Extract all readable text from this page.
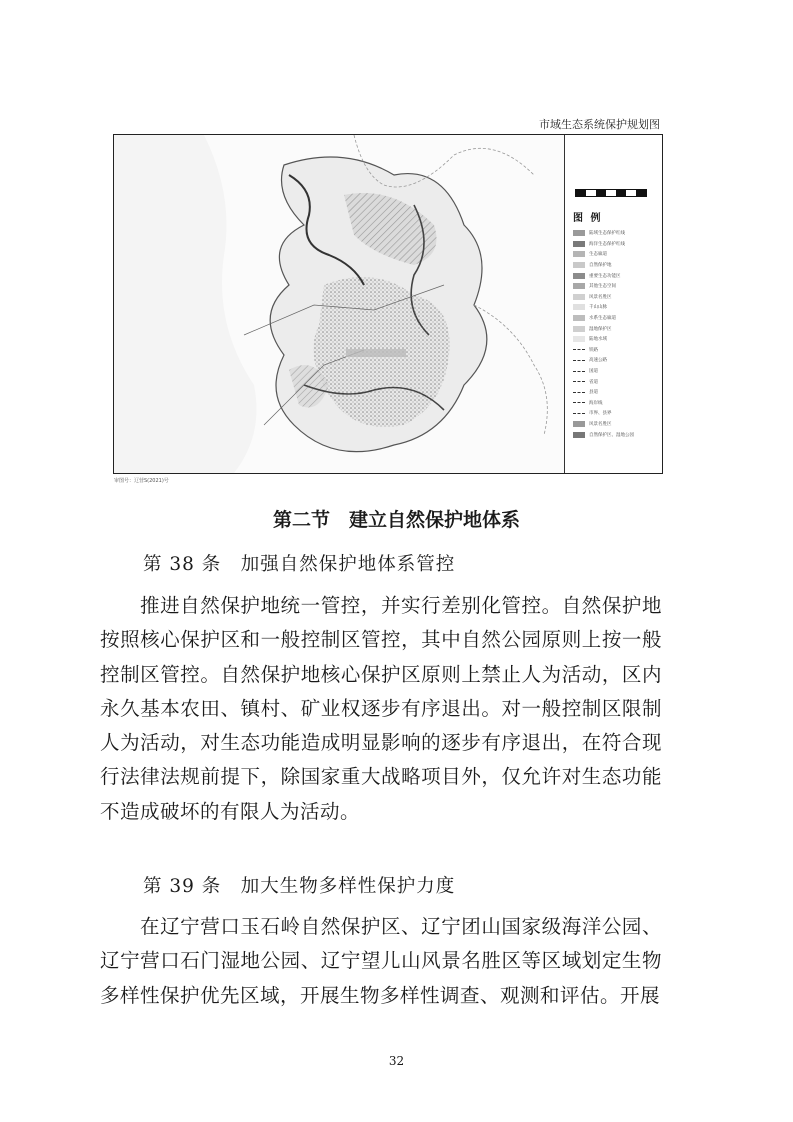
市域生态系统保护规划图
图 例
陆域生态保护红线
海洋生态保护红线
生态廊道
自然保护地
重要生态功能区
其他生态空间
风景名胜区
千山山脉
水系生态廊道
湿地保护区
陆地水域
铁路
高速公路
国道
省道
县道
海岸线
市界、县界
风景名胜区
自然保护区、湿地公园
审图号：辽营S(2021)号
第二节　建立自然保护地体系
第 38 条　加强自然保护地体系管控

推进自然保护地统一管控，并实行差别化管控。自然保护地按照核心保护区和一般控制区管控，其中自然公园原则上按一般控制区管控。自然保护地核心保护区原则上禁止人为活动，区内永久基本农田、镇村、矿业权逐步有序退出。对一般控制区限制人为活动，对生态功能造成明显影响的逐步有序退出，在符合现行法律法规前提下，除国家重大战略项目外，仅允许对生态功能不造成破坏的有限人为活动。

第 39 条　加大生物多样性保护力度

在辽宁营口玉石岭自然保护区、辽宁团山国家级海洋公园、辽宁营口石门湿地公园、辽宁望儿山风景名胜区等区域划定生物多样性保护优先区域，开展生物多样性调查、观测和评估。开展

32
